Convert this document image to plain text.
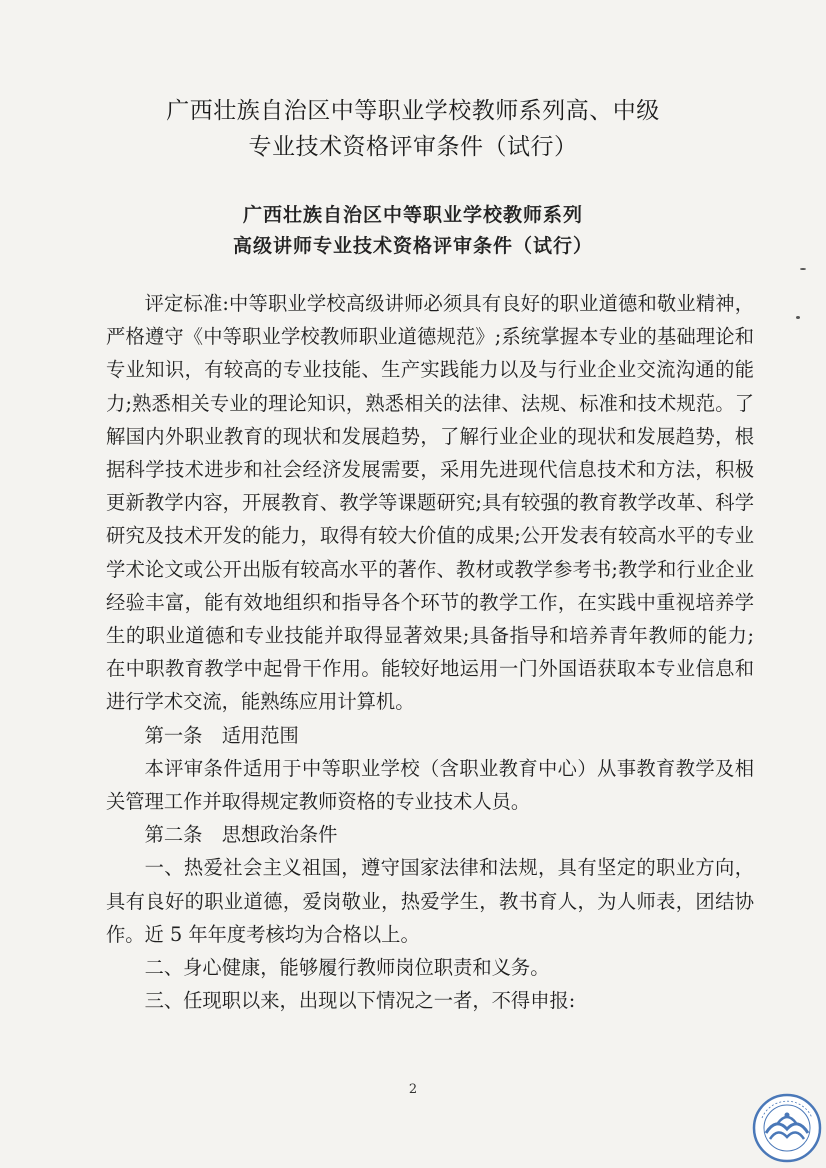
广西壮族自治区中等职业学校教师系列高、中级
专业技术资格评审条件（试行）
广西壮族自治区中等职业学校教师系列
高级讲师专业技术资格评审条件（试行）

评定标准:中等职业学校高级讲师必须具有良好的职业道德和敬业精神，严格遵守《中等职业学校教师职业道德规范》;系统掌握本专业的基础理论和专业知识，有较高的专业技能、生产实践能力以及与行业企业交流沟通的能力;熟悉相关专业的理论知识，熟悉相关的法律、法规、标准和技术规范。了解国内外职业教育的现状和发展趋势，了解行业企业的现状和发展趋势，根据科学技术进步和社会经济发展需要，采用先进现代信息技术和方法，积极更新教学内容，开展教育、教学等课题研究;具有较强的教育教学改革、科学研究及技术开发的能力，取得有较大价值的成果;公开发表有较高水平的专业学术论文或公开出版有较高水平的著作、教材或教学参考书;教学和行业企业经验丰富，能有效地组织和指导各个环节的教学工作，在实践中重视培养学生的职业道德和专业技能并取得显著效果;具备指导和培养青年教师的能力;在中职教育教学中起骨干作用。能较好地运用一门外国语获取本专业信息和进行学术交流，能熟练应用计算机。

第一条　适用范围

本评审条件适用于中等职业学校（含职业教育中心）从事教育教学及相关管理工作并取得规定教师资格的专业技术人员。

第二条　思想政治条件

一、热爱社会主义祖国，遵守国家法律和法规，具有坚定的职业方向，具有良好的职业道德，爱岗敬业，热爱学生，教书育人，为人师表，团结协作。近 5 年年度考核均为合格以上。

二、身心健康，能够履行教师岗位职责和义务。

三、任现职以来，出现以下情况之一者，不得申报:

2
